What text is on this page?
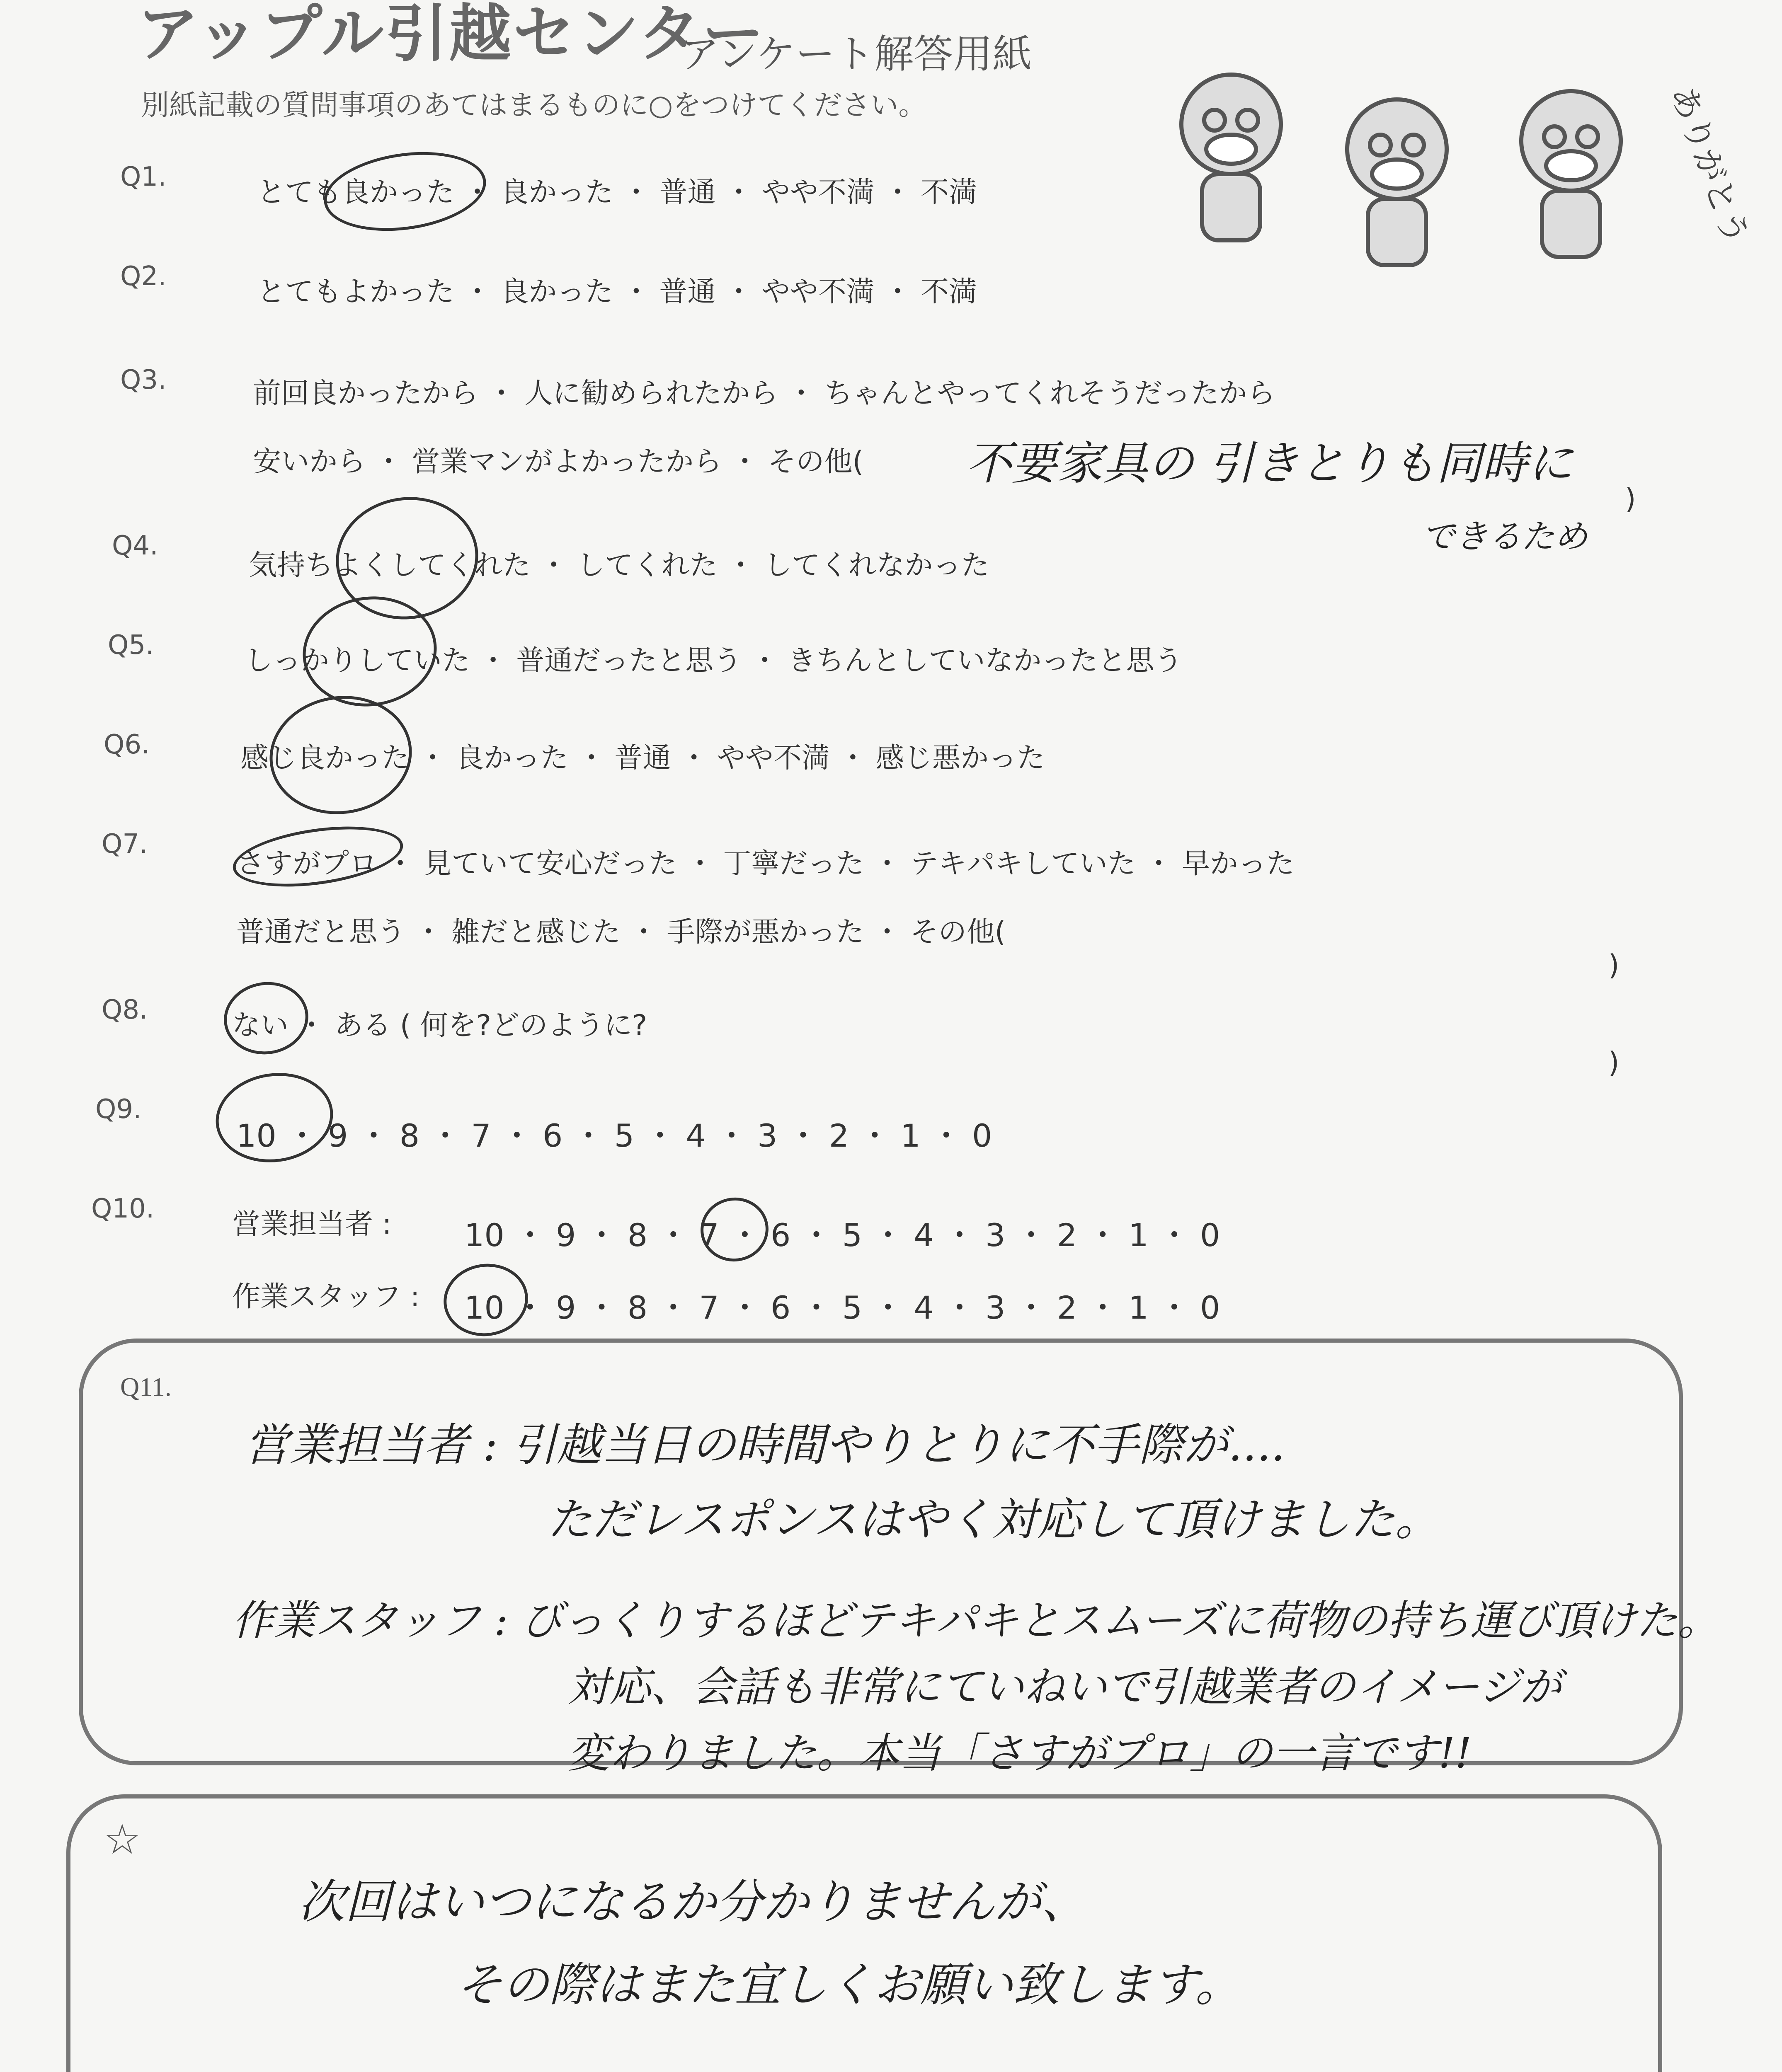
アップル引越センター
アンケート解答用紙
別紙記載の質問事項のあてはまるものに○をつけてください。	ありがとう
Q1.	とても良かった ・ 良かった ・ 普通 ・ やや不満 ・ 不満
Q2.	とてもよかった ・ 良かった ・ 普通 ・ やや不満 ・ 不満
Q3.	前回良かったから ・ 人に勧められたから ・ ちゃんとやってくれそうだったから
安いから ・ 営業マンがよかったから ・ その他( 不要家具の 引きとりも同時に
できるため
)
Q4.
気持ちよくしてくれた ・ してくれた ・ してくれなかった
Q5.	しっかりしていた ・ 普通だったと思う ・ きちんとしていなかったと思う
Q6.	感じ良かった ・ 良かった ・ 普通 ・ やや不満 ・ 感じ悪かった
Q7.
さすがプロ ・ 見ていて安心だった ・ 丁寧だった ・ テキパキしていた ・ 早かった
普通だと思う ・ 雑だと感じた ・ 手際が悪かった ・ その他(
)
Q8.	ない ・ ある ( 何を?どのように?
)
Q9.
10 ・ 9 ・ 8 ・ 7 ・ 6 ・ 5 ・ 4 ・ 3 ・ 2 ・ 1 ・ 0
Q10.	営業担当者 : 10 ・ 9 ・ 8 ・ 7 ・ 6 ・ 5 ・ 4 ・ 3 ・ 2 ・ 1 ・ 0
作業スタッフ : 10 ・ 9 ・ 8 ・ 7 ・ 6 ・ 5 ・ 4 ・ 3 ・ 2 ・ 1 ・ 0
Q11.
営業担当者 : 引越当日の時間やりとりに不手際が....
ただレスポンスはやく対応して頂けました。
作業スタッフ : びっくりするほどテキパキとスムーズに荷物の持ち運び頂けた。
対応、会話も非常にていねいで引越業者のイメージが
変わりました。本当「さすがプロ」の一言です!!
☆
次回はいつになるか分かりませんが、
その際はまた宜しくお願い致します。
